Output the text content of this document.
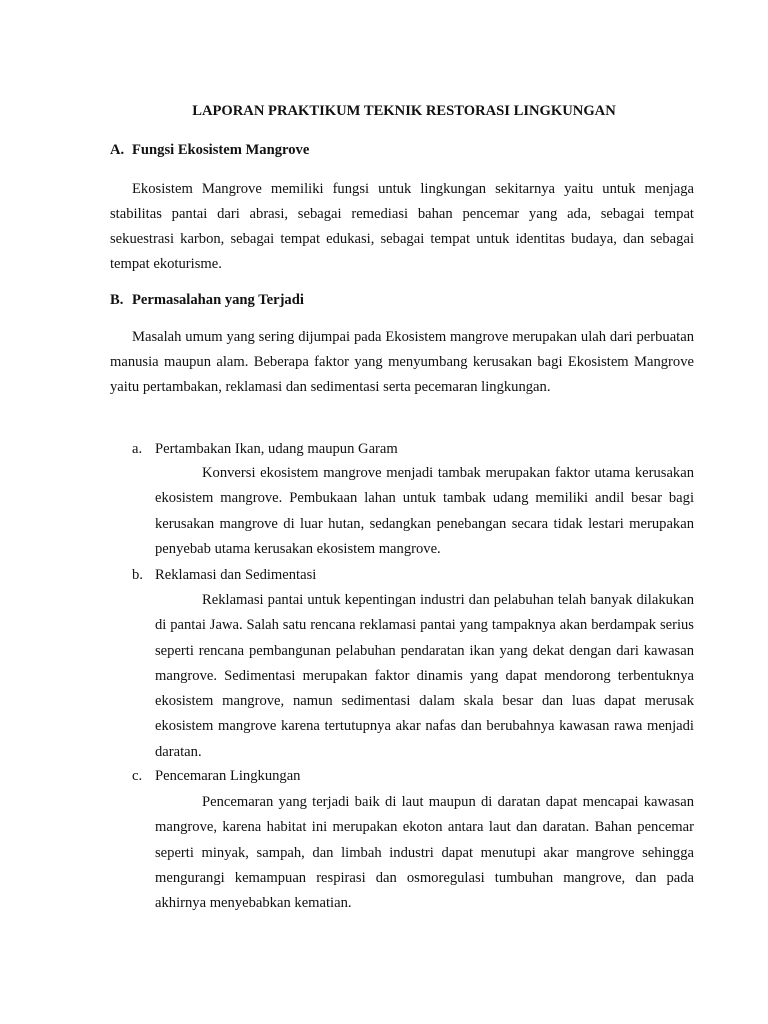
LAPORAN PRAKTIKUM TEKNIK RESTORASI LINGKUNGAN
A. Fungsi Ekosistem Mangrove

Ekosistem Mangrove memiliki fungsi untuk lingkungan sekitarnya yaitu untuk menjaga stabilitas pantai dari abrasi, sebagai remediasi bahan pencemar yang ada, sebagai tempat sekuestrasi karbon, sebagai tempat edukasi, sebagai tempat untuk identitas budaya, dan sebagai tempat ekoturisme.

B. Permasalahan yang Terjadi

Masalah umum yang sering dijumpai pada Ekosistem mangrove merupakan ulah dari perbuatan manusia maupun alam. Beberapa faktor yang menyumbang kerusakan bagi Ekosistem Mangrove yaitu pertambakan, reklamasi dan sedimentasi serta pecemaran lingkungan.

a. Pertambakan Ikan, udang maupun Garam

Konversi ekosistem mangrove menjadi tambak merupakan faktor utama kerusakan ekosistem mangrove. Pembukaan lahan untuk tambak udang memiliki andil besar bagi kerusakan mangrove di luar hutan, sedangkan penebangan secara tidak lestari merupakan penyebab utama kerusakan ekosistem mangrove.

b. Reklamasi dan Sedimentasi

Reklamasi pantai untuk kepentingan industri dan pelabuhan telah banyak dilakukan di pantai Jawa. Salah satu rencana reklamasi pantai yang tampaknya akan berdampak serius seperti rencana pembangunan pelabuhan pendaratan ikan yang dekat dengan dari kawasan mangrove. Sedimentasi merupakan faktor dinamis yang dapat mendorong terbentuknya ekosistem mangrove, namun sedimentasi dalam skala besar dan luas dapat merusak ekosistem mangrove karena tertutupnya akar nafas dan berubahnya kawasan rawa menjadi daratan.

c. Pencemaran Lingkungan

Pencemaran yang terjadi baik di laut maupun di daratan dapat mencapai kawasan mangrove, karena habitat ini merupakan ekoton antara laut dan daratan. Bahan pencemar seperti minyak, sampah, dan limbah industri dapat menutupi akar mangrove sehingga mengurangi kemampuan respirasi dan osmoregulasi tumbuhan mangrove, dan pada akhirnya menyebabkan kematian.
